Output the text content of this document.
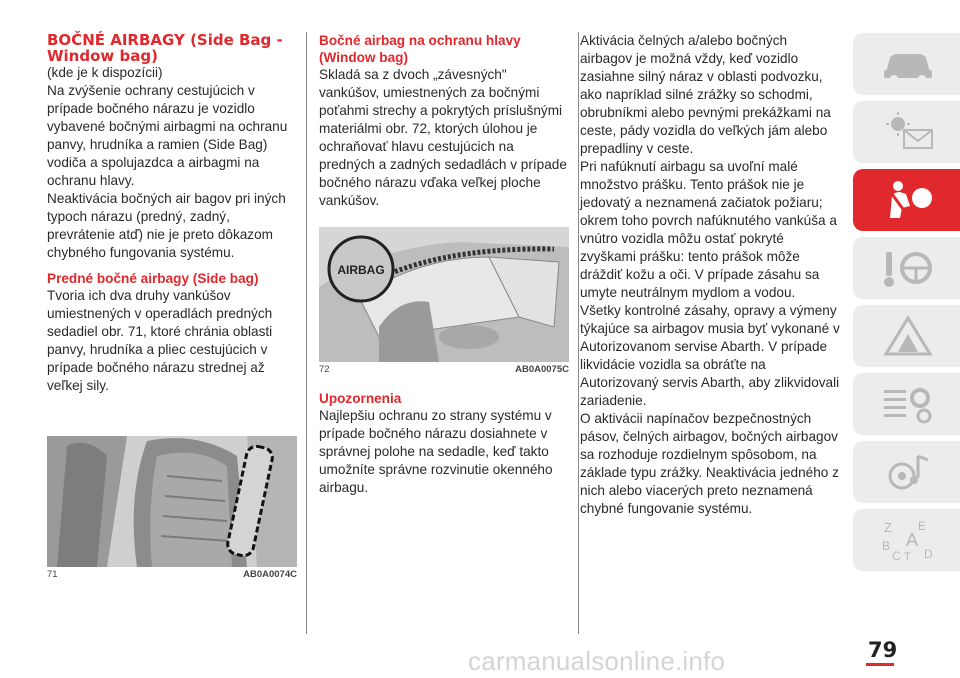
BOČNÉ AIRBAGY (Side Bag - Window bag)

(kde je k dispozícii)

Na zvýšenie ochrany cestujúcich v prípade bočného nárazu je vozidlo vybavené bočnými airbagmi na ochranu panvy, hrudníka a ramien (Side Bag) vodiča a spolujazdca a airbagmi na ochranu hlavy.

Neaktivácia bočných air bagov pri iných typoch nárazu (predný, zadný, prevrátenie atď) nie je preto dôkazom chybného fungovania systému.

Predné bočné airbagy (Side bag)

Tvoria ich dva druhy vankúšov umiestnených v operadlách predných sedadiel obr. 71, ktoré chránia oblasti panvy, hrudníka a pliec cestujúcich v prípade bočného nárazu strednej až veľkej sily.

71	AB0A0074C

Bočné airbag na ochranu hlavy (Window bag)

Skladá sa z dvoch „závesných" vankúšov, umiestnených za bočnými poťahmi strechy a pokrytých príslušnými materiálmi obr. 72, ktorých úlohou je ochraňovať hlavu cestujúcich na predných a zadných sedadlách v prípade bočného nárazu vďaka veľkej ploche vankúšov.

AIRBAG
72	AB0A0075C

Upozornenia

Najlepšiu ochranu zo strany systému v prípade bočného nárazu dosiahnete v správnej polohe na sedadle, keď takto umožníte správne rozvinutie okenného airbagu.

Aktivácia čelných a/alebo bočných airbagov je možná vždy, keď vozidlo zasiahne silný náraz v oblasti podvozku, ako napríklad silné zrážky so schodmi, obrubníkmi alebo pevnými prekážkami na ceste, pády vozidla do veľkých jám alebo prepadliny v ceste.

Pri nafúknutí airbagu sa uvoľní malé množstvo prášku. Tento prášok nie je jedovatý a neznamená začiatok požiaru; okrem toho povrch nafúknutého vankúša a vnútro vozidla môžu ostať pokryté zvyškami prášku: tento prášok môže dráždiť kožu a oči. V prípade zásahu sa umyte neutrálnym mydlom a vodou.

Všetky kontrolné zásahy, opravy a výmeny týkajúce sa airbagov musia byť vykonané v Autorizovanom servise Abarth. V prípade likvidácie vozidla sa obráťte na Autorizovaný servis Abarth, aby zlikvidovali zariadenie.

O aktivácii napínačov bezpečnostných pásov, čelných airbagov, bočných airbagov sa rozhoduje rozdielnym spôsobom, na základe typu zrážky. Neaktivácia jedného z nich alebo viacerých preto neznamená chybné fungovanie systému.

Z E
A
B
C T D
carmanualsonline.info	79
